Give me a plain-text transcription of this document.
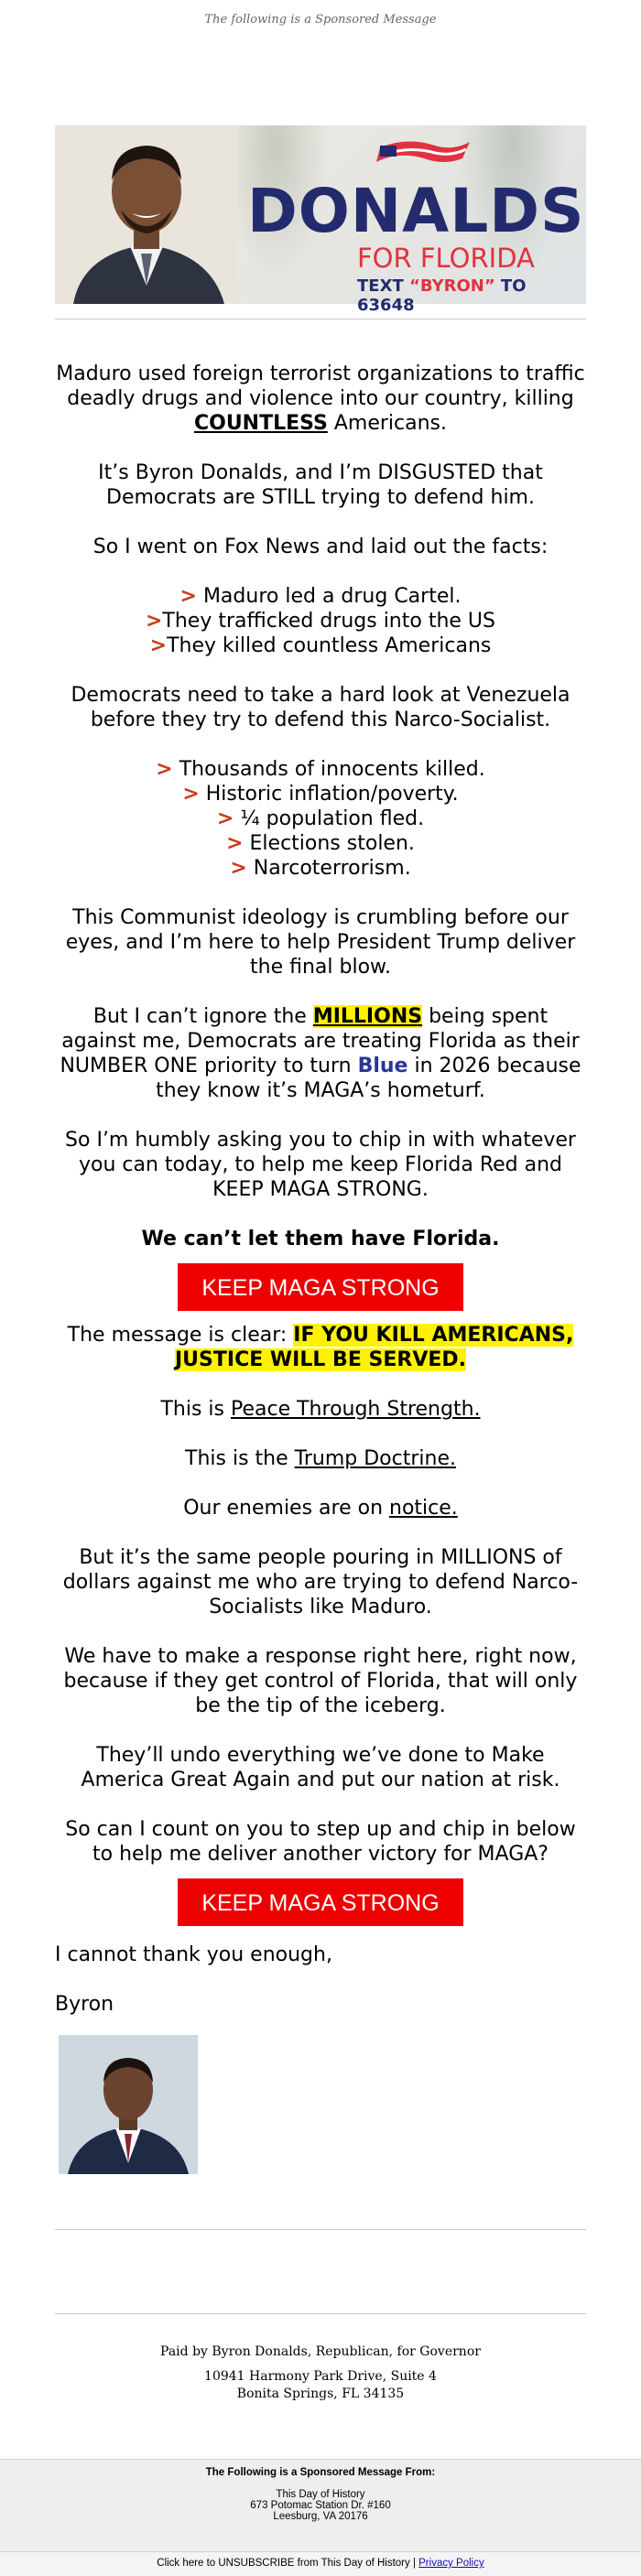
The following is a Sponsored Message
DONALDS
FOR FLORIDA
TEXT “BYRON” TO 63648

Maduro used foreign terrorist organizations to traffic deadly drugs and violence into our country, killing COUNTLESS Americans.

It’s Byron Donalds, and I’m DISGUSTED that Democrats are STILL trying to defend him.

So I went on Fox News and laid out the facts:

> Maduro led a drug Cartel.

>They trafficked drugs into the US

>They killed countless Americans

Democrats need to take a hard look at Venezuela before they try to defend this Narco-Socialist.

> Thousands of innocents killed.

> Historic inflation/poverty.

> ¼ population fled.

> Elections stolen.

> Narcoterrorism.

This Communist ideology is crumbling before our eyes, and I’m here to help President Trump deliver the final blow.

But I can’t ignore the MILLIONS being spent against me, Democrats are treating Florida as their NUMBER ONE priority to turn Blue in 2026 because they know it’s MAGA’s hometurf.

So I’m humbly asking you to chip in with whatever you can today, to help me keep Florida Red and KEEP MAGA STRONG.

We can’t let them have Florida.

KEEP MAGA STRONG

The message is clear: IF YOU KILL AMERICANS, JUSTICE WILL BE SERVED.

This is Peace Through Strength.

This is the Trump Doctrine.

Our enemies are on notice.

But it’s the same people pouring in MILLIONS of dollars against me who are trying to defend Narco-Socialists like Maduro.

We have to make a response right here, right now, because if they get control of Florida, that will only be the tip of the iceberg.

They’ll undo everything we’ve done to Make America Great Again and put our nation at risk.

So can I count on you to step up and chip in below to help me deliver another victory for MAGA?

KEEP MAGA STRONG

I cannot thank you enough,

Byron

Paid by Byron Donalds, Republican, for Governor
10941 Harmony Park Drive, Suite 4
Bonita Springs, FL 34135
The Following is a Sponsored Message From:
This Day of History
673 Potomac Station Dr. #160
Leesburg, VA 20176
Click here to UNSUBSCRIBE from This Day of History | Privacy Policy
